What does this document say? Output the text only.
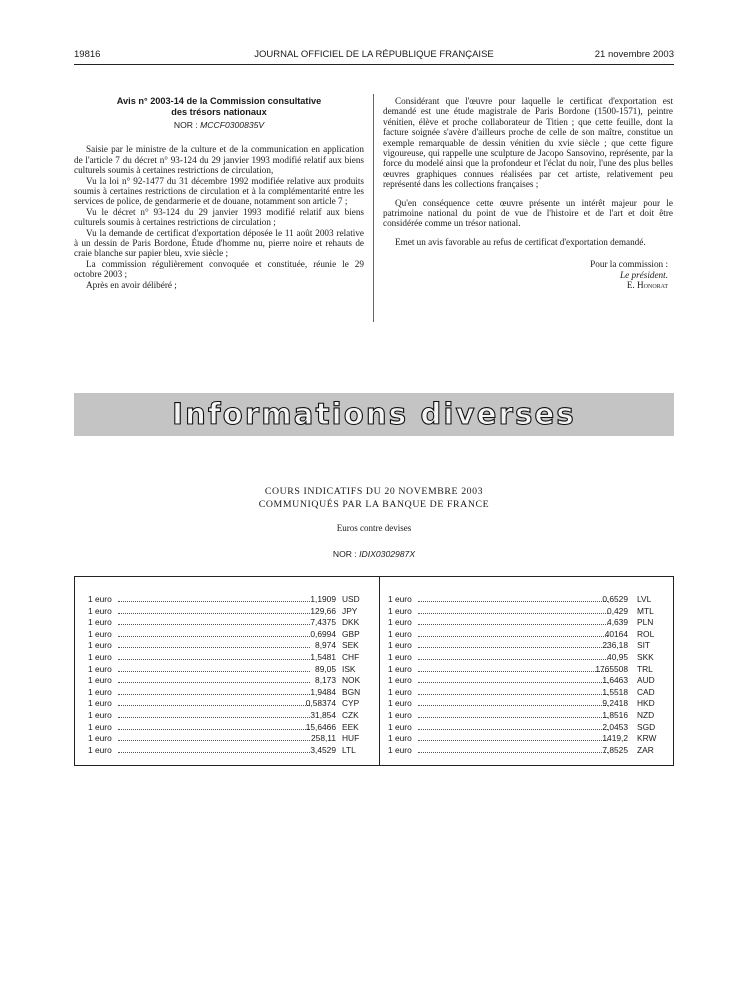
19816	JOURNAL OFFICIEL DE LA RÉPUBLIQUE FRANÇAISE	21 novembre 2003
Avis n° 2003-14 de la Commission consultative
des trésors nationaux
NOR : MCCF0300835V

Saisie par le ministre de la culture et de la communication en application de l'article 7 du décret n° 93-124 du 29 janvier 1993 modifié relatif aux biens culturels soumis à certaines restrictions de circulation,

Vu la loi n° 92-1477 du 31 décembre 1992 modifiée relative aux produits soumis à certaines restrictions de circulation et à la complémentarité entre les services de police, de gendarmerie et de douane, notamment son article 7 ;

Vu le décret n° 93-124 du 29 janvier 1993 modifié relatif aux biens culturels soumis à certaines restrictions de circulation ;

Vu la demande de certificat d'exportation déposée le 11 août 2003 relative à un dessin de Paris Bordone, Étude d'homme nu, pierre noire et rehauts de craie blanche sur papier bleu, xvie siècle ;

La commission régulièrement convoquée et constituée, réunie le 29 octobre 2003 ;

Après en avoir délibéré ;

Considérant que l'œuvre pour laquelle le certificat d'exportation est demandé est une étude magistrale de Paris Bordone (1500-1571), peintre vénitien, élève et proche collaborateur de Titien ; que cette feuille, dont la facture soignée s'avère d'ailleurs proche de celle de son maître, constitue un exemple remarquable de dessin vénitien du xvie siècle ; que cette figure vigoureuse, qui rappelle une sculpture de Jacopo Sansovino, représente, par la force du modelé ainsi que la profondeur et l'éclat du noir, l'une des plus belles œuvres graphiques connues réalisées par cet artiste, relativement peu représenté dans les collections françaises ;

Qu'en conséquence cette œuvre présente un intérêt majeur pour le patrimoine national du point de vue de l'histoire et de l'art et doit être considérée comme un trésor national.

Emet un avis favorable au refus de certificat d'exportation demandé.

Pour la commission :
Le président.
E. Honorat
Informations diverses
COURS INDICATIFS DU 20 NOVEMBRE 2003
COMMUNIQUÉS PAR LA BANQUE DE FRANCE
Euros contre devises
NOR : IDIX0302987X
1 euro	1,1909 USD
1 euro	129,66 JPY
1 euro	7,4375 DKK
1 euro	0,6994 GBP
1 euro	8,974 SEK
1 euro	1,5481 CHF
1 euro	89,05 ISK
1 euro	8,173 NOK
1 euro	1,9484 BGN
1 euro	0,58374 CYP
1 euro	31,854 CZK
1 euro	15,6466 EEK
1 euro	258,11 HUF
1 euro	3,4529 LTL
1 euro	0,6529 LVL
1 euro	0,429 MTL
1 euro	4,639 PLN
1 euro	40164 ROL
1 euro	236,18 SIT
1 euro	40,95 SKK
1 euro	1765508 TRL
1 euro	1,6463 AUD
1 euro	1,5518 CAD
1 euro	9,2418 HKD
1 euro	1,8516 NZD
1 euro	2,0453 SGD
1 euro	1419,2 KRW
1 euro	7,8525 ZAR
